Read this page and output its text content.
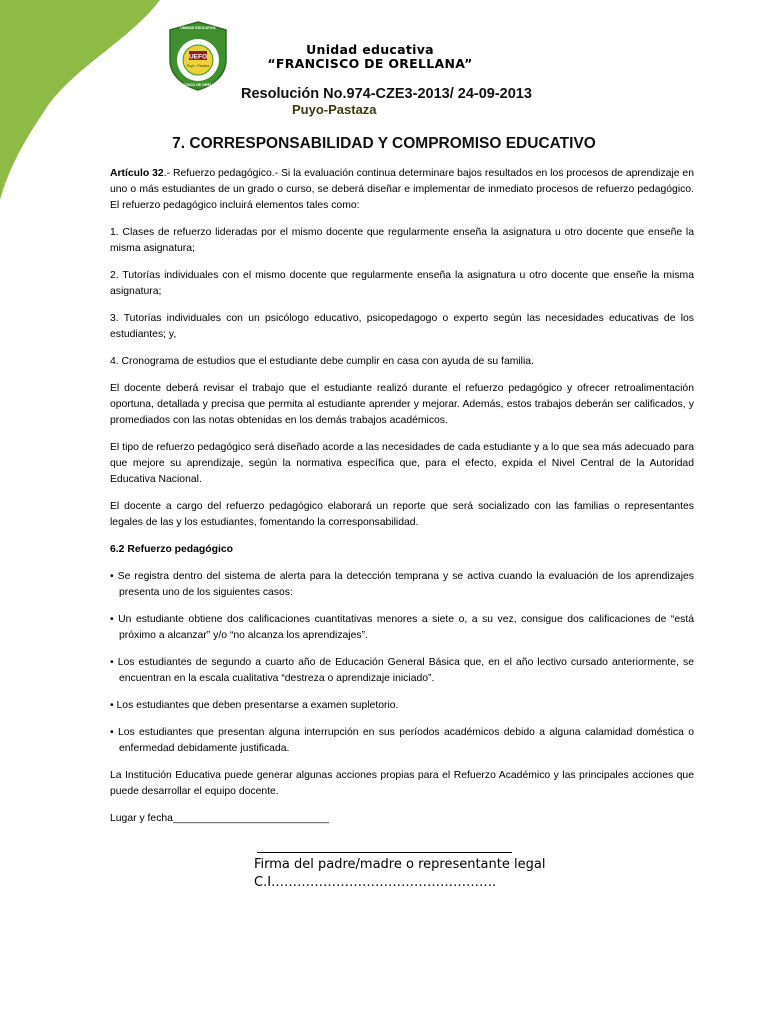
UNIDAD EDUCATIVA
UEFO
Puyo - Pastaza
FRANCISCO DE ORELLANA
Unidad educativa
“FRANCISCO DE ORELLANA”
Resolución No.974-CZE3-2013/ 24-09-2013
Puyo-Pastaza
7. CORRESPONSABILIDAD Y COMPROMISO EDUCATIVO

Artículo 32.- Refuerzo pedagógico.- Si la evaluación continua determinare bajos resultados en los procesos de aprendizaje en uno o más estudiantes de un grado o curso, se deberá diseñar e implementar de inmediato procesos de refuerzo pedagógico. El refuerzo pedagógico incluirá elementos tales como:

1. Clases de refuerzo lideradas por el mismo docente que regularmente enseña la asignatura u otro docente que enseñe la misma asignatura;

2. Tutorías individuales con el mismo docente que regularmente enseña la asignatura u otro docente que enseñe la misma asignatura;

3. Tutorías individuales con un psicólogo educativo, psicopedagogo o experto según las necesidades educativas de los estudiantes; y,

4. Cronograma de estudios que el estudiante debe cumplir en casa con ayuda de su familia.

El docente deberá revisar el trabajo que el estudiante realizó durante el refuerzo pedagógico y ofrecer retroalimentación oportuna, detallada y precisa que permita al estudiante aprender y mejorar. Además, estos trabajos deberán ser calificados, y promediados con las notas obtenidas en los demás trabajos académicos.

El tipo de refuerzo pedagógico será diseñado acorde a las necesidades de cada estudiante y a lo que sea más adecuado para que mejore su aprendizaje, según la normativa específica que, para el efecto, expida el Nivel Central de la Autoridad Educativa Nacional.

El docente a cargo del refuerzo pedagógico elaborará un reporte que será socializado con las familias o representantes legales de las y los estudiantes, fomentando la corresponsabilidad.

6.2 Refuerzo pedagógico

• Se registra dentro del sistema de alerta para la detección temprana y se activa cuando la evaluación de los aprendizajes presenta uno de los siguientes casos:

• Un estudiante obtiene dos calificaciones cuantitativas menores a siete o, a su vez, consigue dos calificaciones de “está próximo a alcanzar” y/o “no alcanza los aprendizajes”.

• Los estudiantes de segundo a cuarto año de Educación General Básica que, en el año lectivo cursado anteriormente, se encuentran en la escala cualitativa “destreza o aprendizaje iniciado”.

• Los estudiantes que deben presentarse a examen supletorio.

• Los estudiantes que presentan alguna interrupción en sus períodos académicos debido a alguna calamidad doméstica o enfermedad debidamente justificada.

La Institución Educativa puede generar algunas acciones propias para el Refuerzo Académico y las principales acciones que puede desarrollar el equipo docente.

Lugar y fecha___________________________

Firma del padre/madre o representante legal
C.I…………………………………………….
